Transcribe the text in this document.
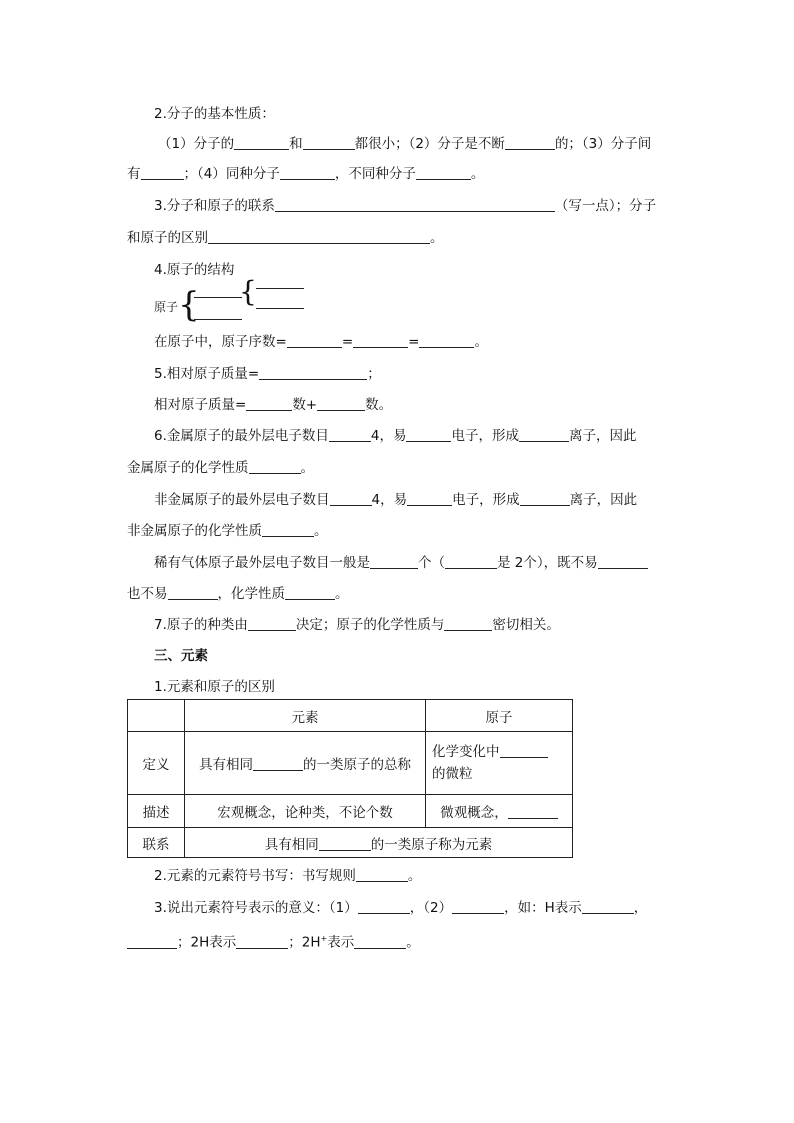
2.分子的基本性质：
（1）分子的	和	都很小；（2）分子是不断	的；（3）分子间
有	；（4）同种分子	，不同种分子	。
3.分子和原子的联系	（写一点）；分子
和原子的区别	。
4.原子的结构
原子 { {
在原子中，原子序数=	=	=	。
5.相对原子质量=	；
相对原子质量=	数+	数。
6.金属原子的最外层电子数目	4，易	电子，形成	离子，因此
金属原子的化学性质	。
非金属原子的最外层电子数目	4，易	电子，形成	离子，因此
非金属原子的化学性质	。
稀有气体原子最外层电子数目一般是	个（	是 2个），既不易
也不易	，化学性质	。
7.原子的种类由	决定；原子的化学性质与	密切相关。
三、元素
1.元素和原子的区别
	元素	原子
定义	具有相同 的一类原子的总称	化学变化中
的微粒
描述	宏观概念，论种类，不论个数	微观概念，
联系	具有相同 的一类原子称为元素	
2.元素的元素符号书写：书写规则	。
3.说出元素符号表示的意义：（1）	，（2）	，如：H表示	，
；2H表示	；2H+表示	。
